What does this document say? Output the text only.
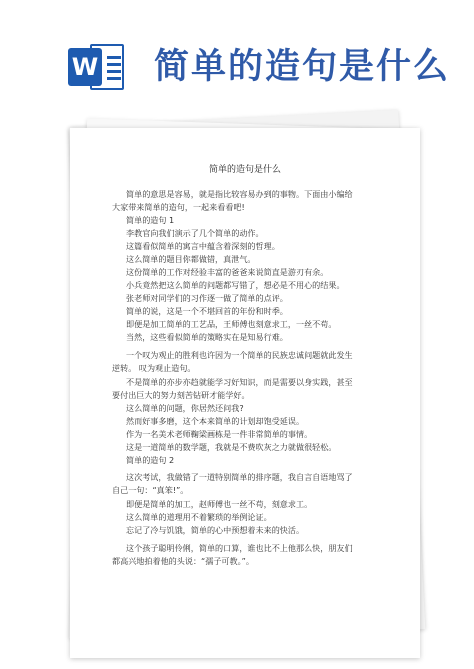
W 简单的造句是什么
简单的造句是什么
简单的意思是容易，就是指比较容易办到的事物。下面由小编给
大家带来简单的造句，一起来看看吧!
简单的造句 1
李教官向我们演示了几个简单的动作。
这篇看似简单的寓言中蕴含着深刻的哲理。
这么简单的题目你都做错，真泄气。
这份简单的工作对经验丰富的爸爸来说简直是游刃有余。
小兵竟然把这么简单的问题都写错了，想必是不用心的结果。
张老师对同学们的习作逐一做了简单的点评。
简单的说，这是一个不堪回首的年份和时季。
即便是加工简单的工艺品，王师傅也刻意求工，一丝不苟。
当然，这些看似简单的策略实在是知易行难。
一个叹为观止的胜利也许因为一个简单的民族忠诚问题就此发生
逆转。 叹为观止造句。
不是简单的亦步亦趋就能学习好知识，而是需要以身实践，甚至
要付出巨大的努力刻苦钻研才能学好。
这么简单的问题，你居然还问我?
然而好事多磨，这个本来简单的计划却饱受延误。
作为一名美术老师鞠梁画栋是一件非常简单的事情。
这是一道简单的数学题，我就是不费吹灰之力就做很轻松。
简单的造句 2
这次考试，我做错了一道特别简单的排序题，我自言自语地骂了
自己一句：“真笨!”。
即便是简单的加工，赵师傅也一丝不苟，刻意求工。
这么简单的道理用不着繁琐的举例论证。
忘记了冷与饥饿，简单的心中预想着未来的快活。
这个孩子聪明伶俐，简单的口算，谁也比不上他那么快，朋友们
都高兴地拍着他的头说：“孺子可教。”。
